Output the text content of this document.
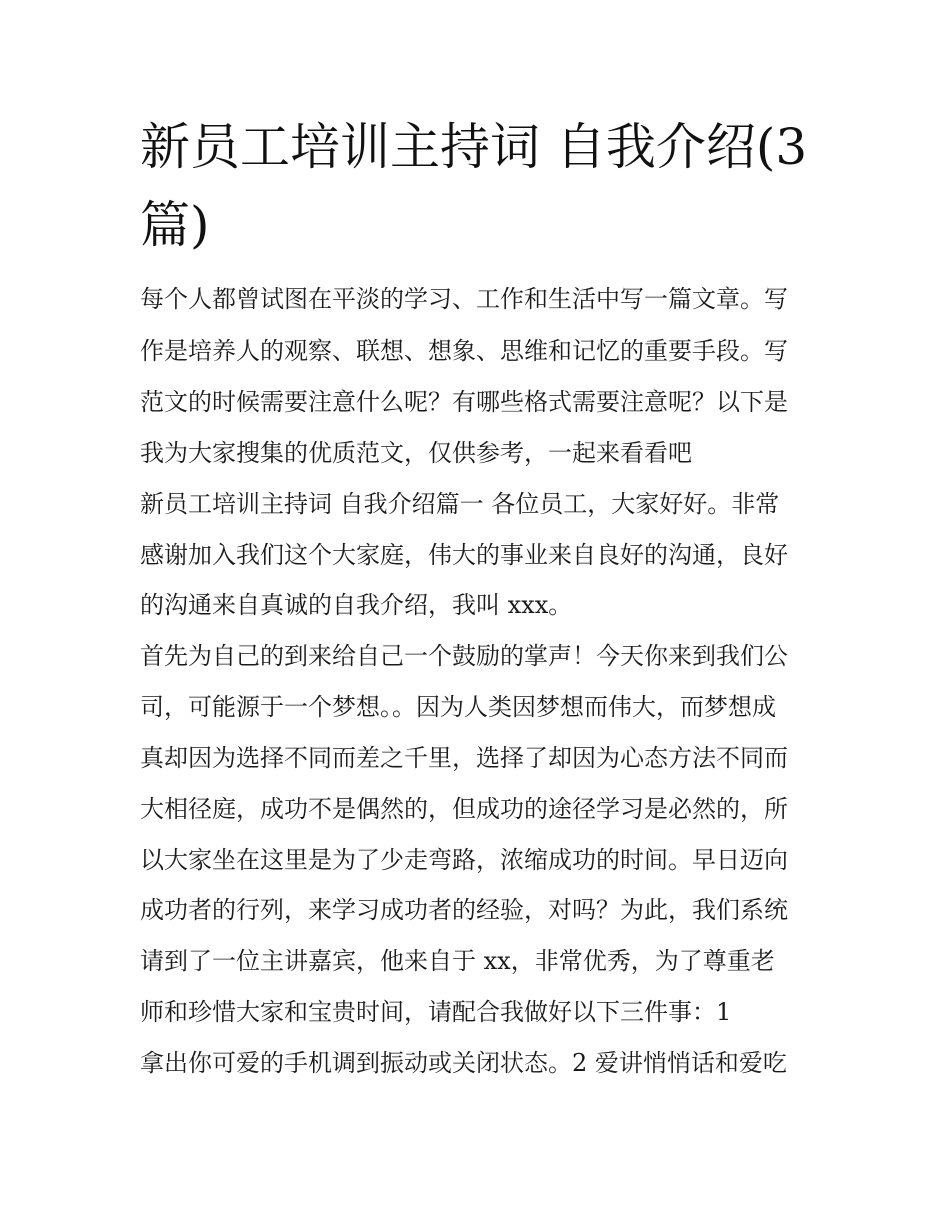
新员工培训主持词 自我介绍(3
篇)

每个人都曾试图在平淡的学习、工作和生活中写一篇文章。写

作是培养人的观察、联想、想象、思维和记忆的重要手段。写

范文的时候需要注意什么呢？有哪些格式需要注意呢？以下是

我为大家搜集的优质范文，仅供参考，一起来看看吧

新员工培训主持词 自我介绍篇一 各位员工，大家好好。非常

感谢加入我们这个大家庭，伟大的事业来自良好的沟通，良好

的沟通来自真诚的自我介绍，我叫 xxx。

首先为自己的到来给自己一个鼓励的掌声！今天你来到我们公

司，可能源于一个梦想。。因为人类因梦想而伟大，而梦想成

真却因为选择不同而差之千里，选择了却因为心态方法不同而

大相径庭，成功不是偶然的，但成功的途径学习是必然的，所

以大家坐在这里是为了少走弯路，浓缩成功的时间。早日迈向

成功者的行列，来学习成功者的经验，对吗？为此，我们系统

请到了一位主讲嘉宾，他来自于 xx，非常优秀，为了尊重老

师和珍惜大家和宝贵时间，请配合我做好以下三件事：1

拿出你可爱的手机调到振动或关闭状态。2 爱讲悄悄话和爱吃
